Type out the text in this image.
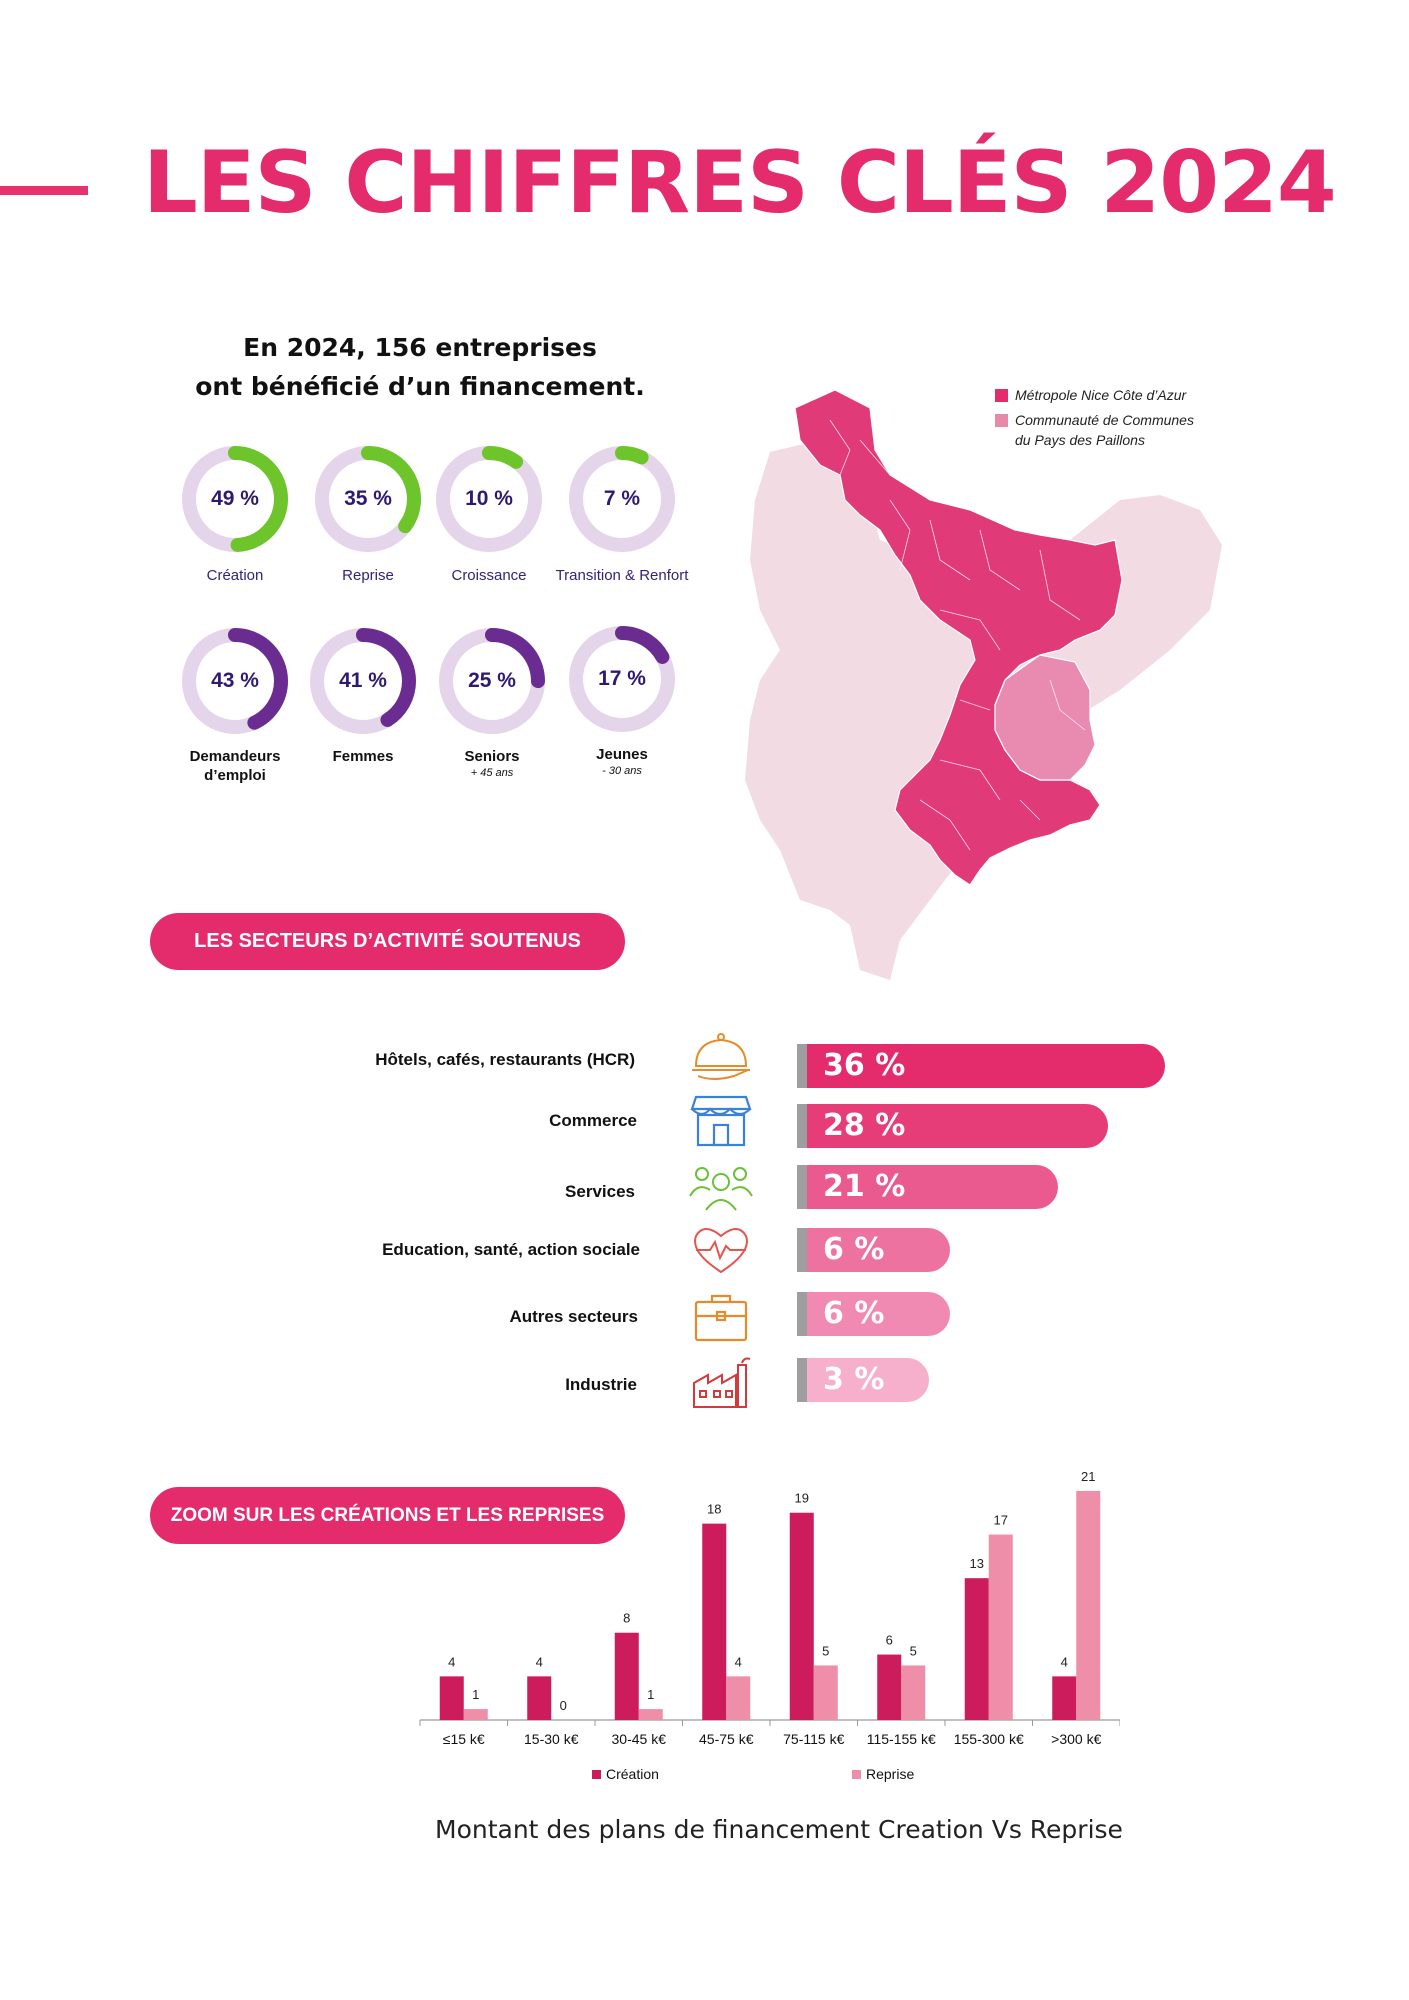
LES CHIFFRES CLÉS 2024
En 2024, 156 entreprises
ont bénéficié d’un financement.
49 %	35 %	10 %	7 %
Création	Reprise	Croissance	Transition & Renfort
43 %	41 %	25 %	17 %
Demandeurs d’emploi
Femmes	Seniors
+ 45 ans
Jeunes
- 30 ans
Métropole Nice Côte d’Azur
Communauté de Communes
du Pays des Paillons
LES SECTEURS D’ACTIVITÉ SOUTENUS
Hôtels, cafés, restaurants (HCR)
Commerce
Services
Education, santé, action sociale
Autres secteurs
Industrie
36 %
28 %
21 %
6 %
6 %
3 %
ZOOM SUR LES CRÉATIONS ET LES REPRISES
4
1
≤15 k€
4
0
15-30 k€
8
1
30-45 k€
18
4
45-75 k€
19
5
75-115 k€
6
5
115-155 k€
13
17
155-300 k€
4
21
>300 k€
Création	Reprise
Montant des plans de financement Creation Vs Reprise
